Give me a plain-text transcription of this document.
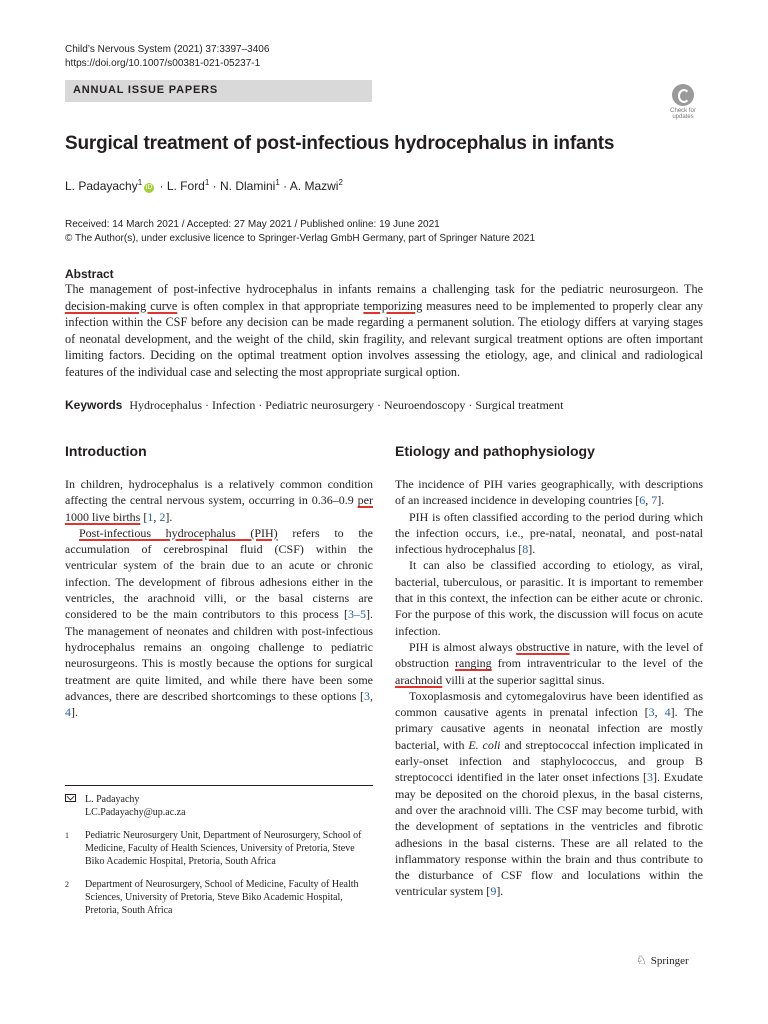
Child’s Nervous System (2021) 37:3397–3406
https://doi.org/10.1007/s00381-021-05237-1
ANNUAL ISSUE PAPERS
Check for
updates
Surgical treatment of post-infectious hydrocephalus in infants
L. Padayachy$^1$iD · L. Ford$^1$ · N. Dlamini$^1$ · A. Mazwi$^2$
Received: 14 March 2021 / Accepted: 27 May 2021 / Published online: 19 June 2021
© The Author(s), under exclusive licence to Springer-Verlag GmbH Germany, part of Springer Nature 2021
Abstract
The management of post-infective hydrocephalus in infants remains a challenging task for the pediatric neurosurgeon. The decision-making curve is often complex in that appropriate temporizing measures need to be implemented to properly clear any infection within the CSF before any decision can be made regarding a permanent solution. The etiology differs at varying stages of neonatal development, and the weight of the child, skin fragility, and relevant surgical treatment options are often important limiting factors. Deciding on the optimal treatment option involves assessing the etiology, age, and clinical and radiological features of the individual case and selecting the most appropriate surgical option.
Keywords Hydrocephalus · Infection · Pediatric neurosurgery · Neuroendoscopy · Surgical treatment
Introduction	Etiology and pathophysiology

In children, hydrocephalus is a relatively common condition affecting the central nervous system, occurring in 0.36–0.9 per 1000 live births [1, 2].

Post-infectious hydrocephalus (PIH) refers to the accumulation of cerebrospinal fluid (CSF) within the ventricular system of the brain due to an acute or chronic infection. The development of fibrous adhesions either in the ventricles, the arachnoid villi, or the basal cisterns are considered to be the main contributors to this process [3–5]. The management of neonates and children with post-infectious hydrocephalus remains an ongoing challenge to pediatric neurosurgeons. This is mostly because the options for surgical treatment are quite limited, and while there have been some advances, there are described shortcomings to these options [3, 4].

L. Padayachy
LC.Padayachy@up.ac.za
1 Pediatric Neurosurgery Unit, Department of Neurosurgery, School of Medicine, Faculty of Health Sciences, University of Pretoria, Steve Biko Academic Hospital, Pretoria, South Africa
2 Department of Neurosurgery, School of Medicine, Faculty of Health Sciences, University of Pretoria, Steve Biko Academic Hospital, Pretoria, South Africa

The incidence of PIH varies geographically, with descriptions of an increased incidence in developing countries [6, 7].

PIH is often classified according to the period during which the infection occurs, i.e., pre-natal, neonatal, and post-natal infectious hydrocephalus [8].

It can also be classified according to etiology, as viral, bacterial, tuberculous, or parasitic. It is important to remember that in this context, the infection can be either acute or chronic. For the purpose of this work, the discussion will focus on acute infection.

PIH is almost always obstructive in nature, with the level of obstruction ranging from intraventricular to the level of the arachnoid villi at the superior sagittal sinus.

Toxoplasmosis and cytomegalovirus have been identified as common causative agents in prenatal infection [3, 4]. The primary causative agents in neonatal infection are mostly bacterial, with E. coli and streptococcal infection implicated in early-onset infection and staphylococcus, and group B streptococci identified in the later onset infections [3]. Exudate may be deposited on the choroid plexus, in the basal cisterns, and over the arachnoid villi. The CSF may become turbid, with the development of septations in the ventricles and fibrotic adhesions in the basal cisterns. These are all related to the inflammatory response within the brain and thus contribute to the disturbance of CSF flow and loculations within the ventricular system [9].

♘ Springer
